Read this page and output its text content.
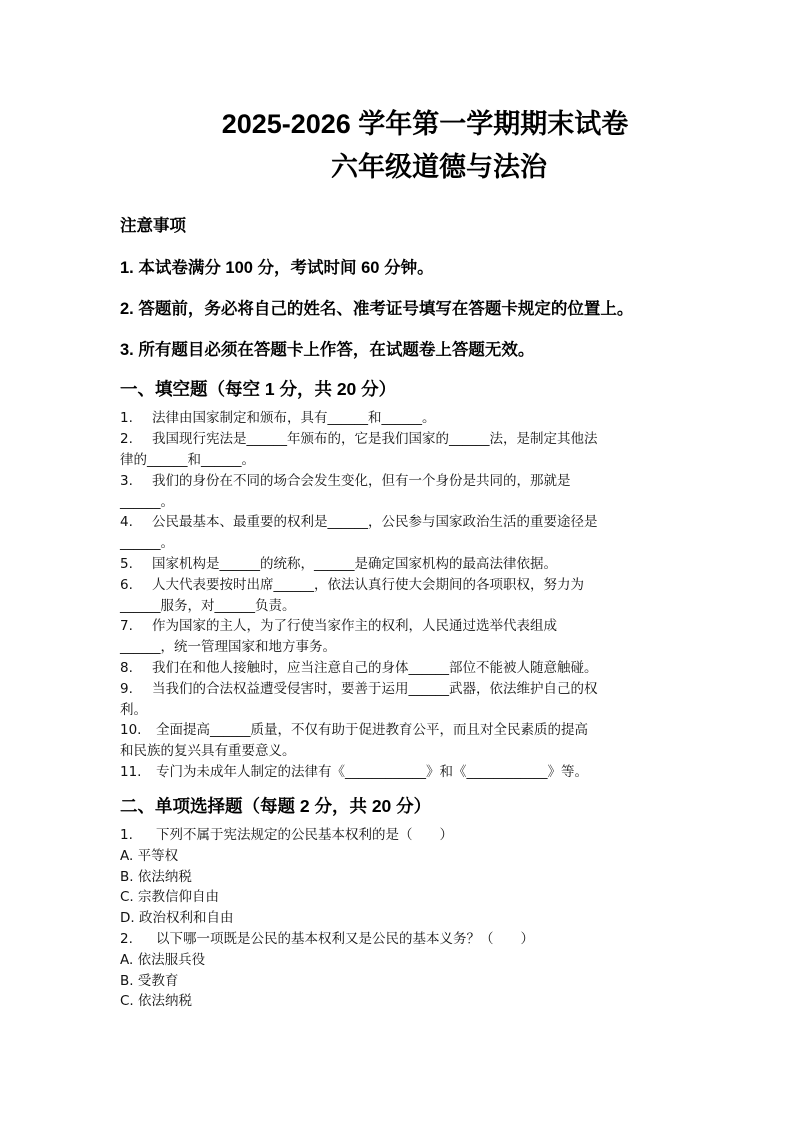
2025-2026 学年第一学期期末试卷
六年级道德与法治
注意事项
1. 本试卷满分 100 分，考试时间 60 分钟。
2. 答题前，务必将自己的姓名、准考证号填写在答题卡规定的位置上。
3. 所有题目必须在答题卡上作答，在试题卷上答题无效。
一、填空题（每空 1 分，共 20 分）
1. 法律由国家制定和颁布，具有______和______。
2. 我国现行宪法是______年颁布的，它是我们国家的______法，是制定其他法
律的______和______。
3. 我们的身份在不同的场合会发生变化，但有一个身份是共同的，那就是
______。
4. 公民最基本、最重要的权利是______，公民参与国家政治生活的重要途径是
______。
5. 国家机构是______的统称，______是确定国家机构的最高法律依据。
6. 人大代表要按时出席______，依法认真行使大会期间的各项职权，努力为
______服务，对______负责。
7. 作为国家的主人，为了行使当家作主的权利，人民通过选举代表组成
______，统一管理国家和地方事务。
8. 我们在和他人接触时，应当注意自己的身体______部位不能被人随意触碰。
9. 当我们的合法权益遭受侵害时，要善于运用______武器，依法维护自己的权
利。
10. 全面提高______质量，不仅有助于促进教育公平，而且对全民素质的提高
和民族的复兴具有重要意义。
11. 专门为未成年人制定的法律有《____________》和《____________》等。
二、单项选择题（每题 2 分，共 20 分）
1. 下列不属于宪法规定的公民基本权利的是（　　）
A. 平等权
B. 依法纳税
C. 宗教信仰自由
D. 政治权利和自由
2. 以下哪一项既是公民的基本权利又是公民的基本义务？（　　）
A. 依法服兵役
B. 受教育
C. 依法纳税
